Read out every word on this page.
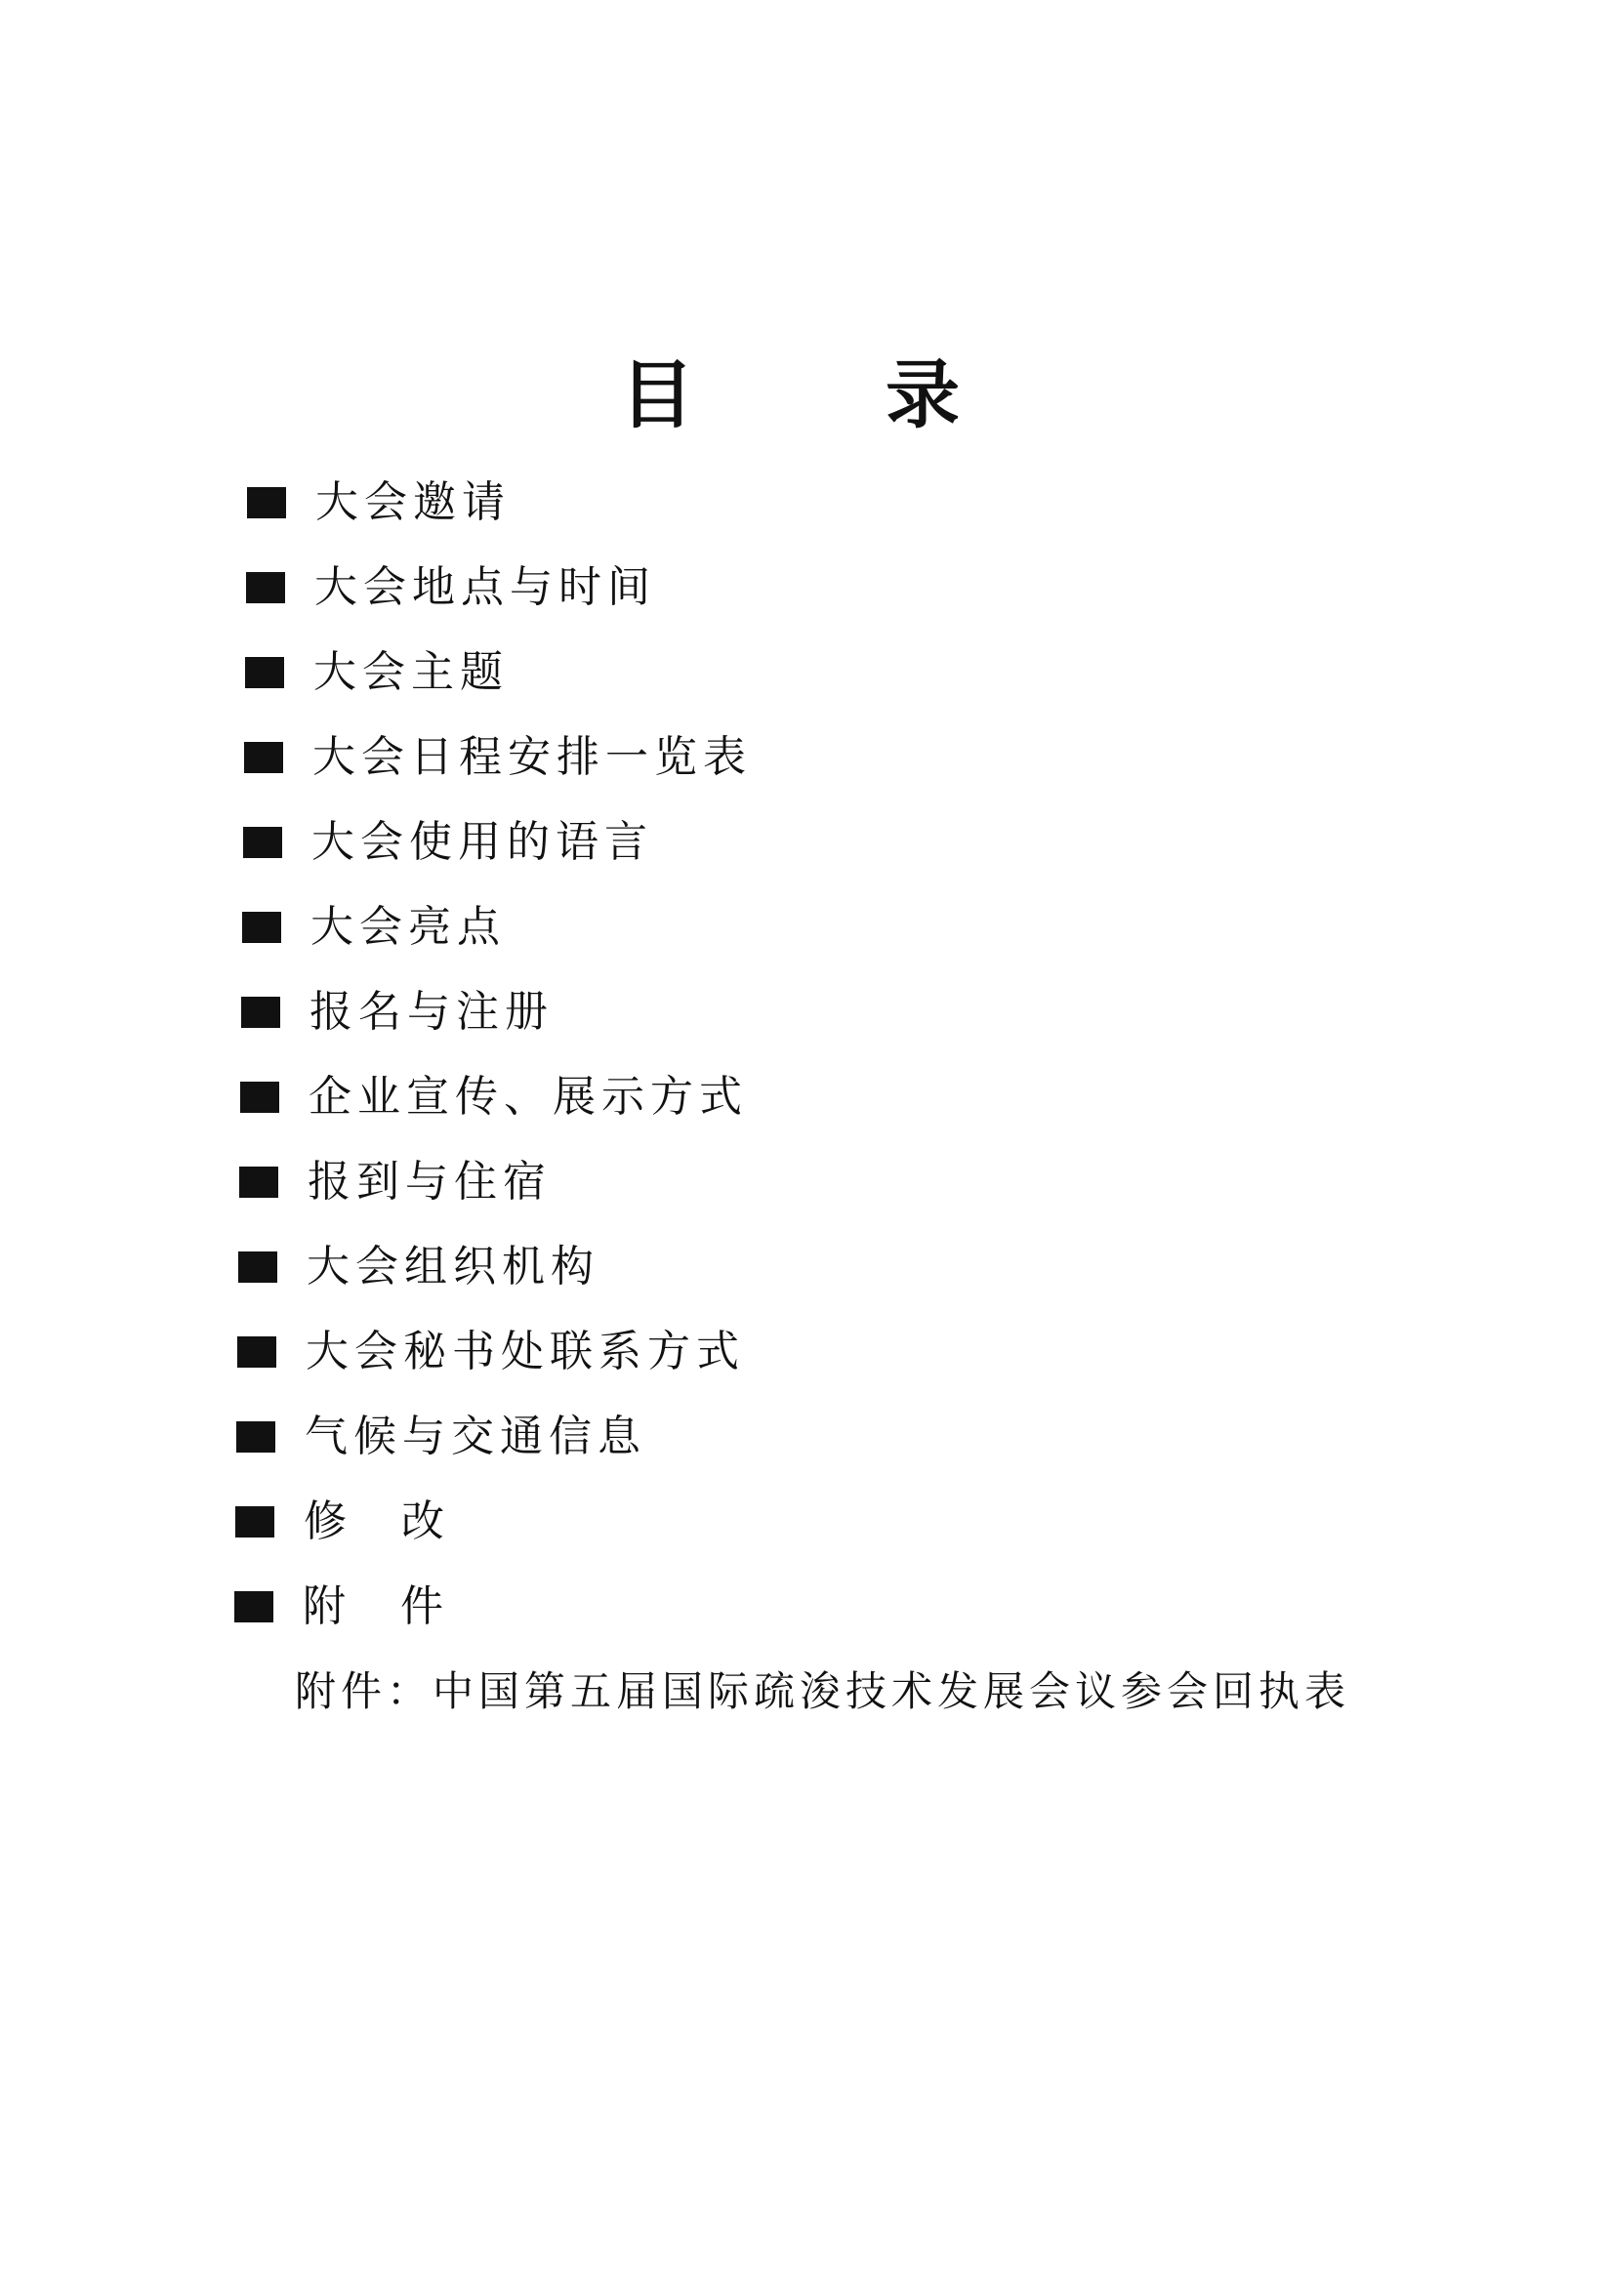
目　录
大会邀请
大会地点与时间
大会主题
大会日程安排一览表
大会使用的语言
大会亮点
报名与注册
企业宣传、展示方式
报到与住宿
大会组织机构
大会秘书处联系方式
气候与交通信息
修　改
附　件
附件：中国第五届国际疏浚技术发展会议参会回执表
